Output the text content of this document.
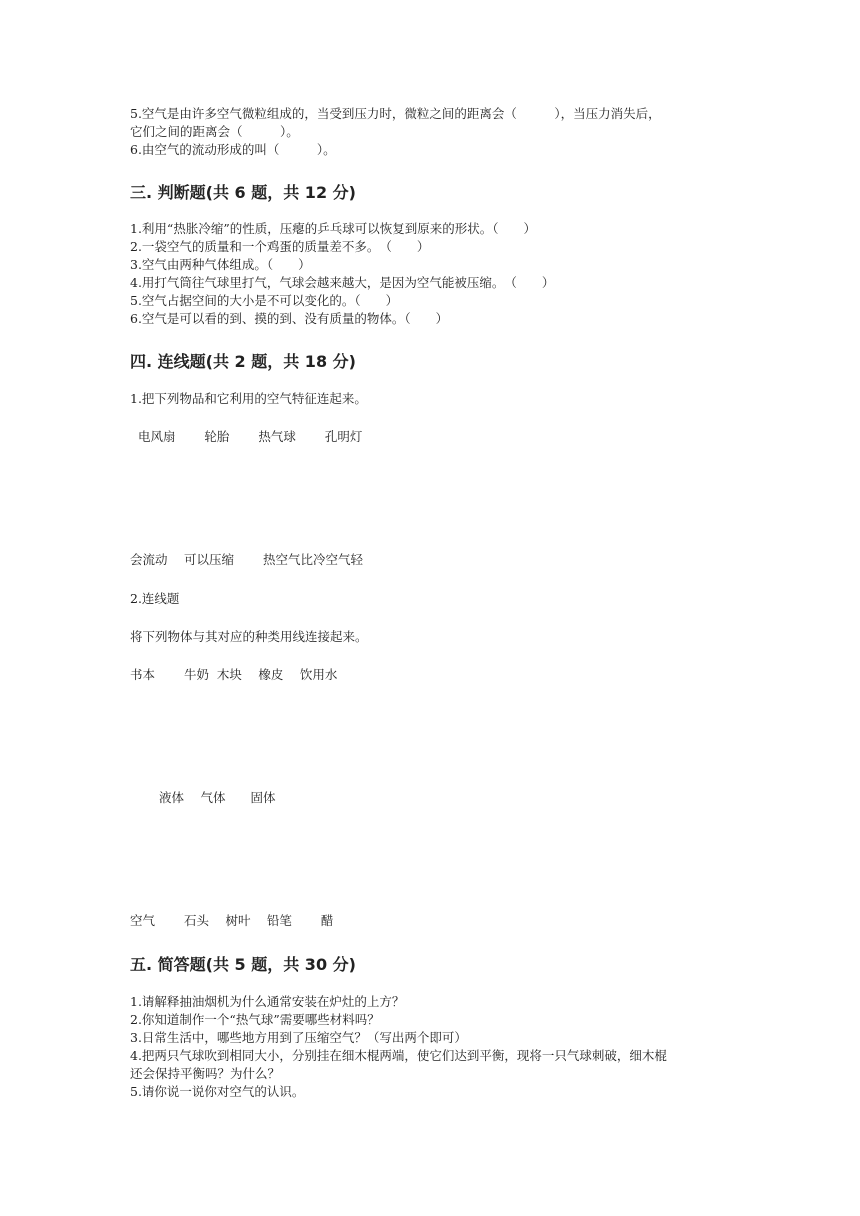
5.空气是由许多空气微粒组成的，当受到压力时，微粒之间的距离会（　　　），当压力消失后，
它们之间的距离会（　　　）。
6.由空气的流动形成的叫（　　　）。
三. 判断题(共 6 题，共 12 分)
1.利用“热胀冷缩”的性质，压瘪的乒乓球可以恢复到原来的形状。（　　）
2.一袋空气的质量和一个鸡蛋的质量差不多。　（　　）
3.空气由两种气体组成。（　　）
4.用打气筒往气球里打气，气球会越来越大，是因为空气能被压缩。　（　　）
5.空气占据空间的大小是不可以变化的。（　　）
6.空气是可以看的到、摸的到、没有质量的物体。（　　）
四. 连线题(共 2 题，共 18 分)
1.把下列物品和它利用的空气特征连起来。
电风扇　　 轮胎　　 热气球　　 孔明灯
会流动　 可以压缩　　 热空气比冷空气轻
2.连线题
将下列物体与其对应的种类用线连接起来。
书本　　 牛奶  木块　 橡皮　 饮用水
　　 液体　 气体　　固体
空气　　 石头　 树叶　 铅笔　　 醋
五. 简答题(共 5 题，共 30 分)
1.请解释抽油烟机为什么通常安装在炉灶的上方？
2.你知道制作一个“热气球”需要哪些材料吗？
3.日常生活中，哪些地方用到了压缩空气？（写出两个即可）
4.把两只气球吹到相同大小，分别挂在细木棍两端，使它们达到平衡，现将一只气球刺破，细木棍
还会保持平衡吗？为什么？
5.请你说一说你对空气的认识。
